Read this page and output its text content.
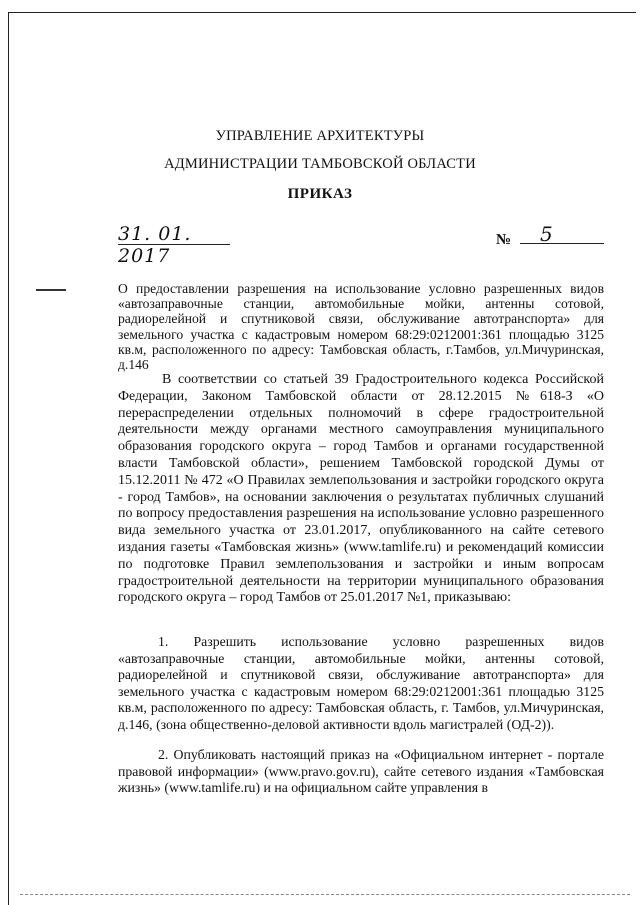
УПРАВЛЕНИЕ АРХИТЕКТУРЫ
АДМИНИСТРАЦИИ ТАМБОВСКОЙ ОБЛАСТИ
ПРИКАЗ
31. 01. 2017
№	5
О предоставлении разрешения на использование условно разрешенных видов «автозаправочные станции, автомобильные мойки, антенны сотовой, радиорелейной и спутниковой связи, обслуживание автотранспорта» для земельного участка с кадастровым номером 68:29:0212001:361 площадью 3125 кв.м, расположенного по адресу: Тамбовская область, г.Тамбов, ул.Мичуринская, д.146
В соответствии со статьей 39 Градостроительного кодекса Российской Федерации, Законом Тамбовской области от 28.12.2015 №618-З «О перераспределении отдельных полномочий в сфере градостроительной деятельности между органами местного самоуправления муниципального образования городского округа – город Тамбов и органами государственной власти Тамбовской области», решением Тамбовской городской Думы от 15.12.2011 № 472 «О Правилах землепользования и застройки городского округа - город Тамбов», на основании заключения о результатах публичных слушаний по вопросу предоставления разрешения на использование условно разрешенного вида земельного участка от 23.01.2017, опубликованного на сайте сетевого издания газеты «Тамбовская жизнь» (www.tamlife.ru) и рекомендаций комиссии по подготовке Правил землепользования и застройки и иным вопросам градостроительной деятельности на территории муниципального образования городского округа – город Тамбов от 25.01.2017 №1, приказываю:
1. Разрешить использование условно разрешенных видов «автозаправочные станции, автомобильные мойки, антенны сотовой, радиорелейной и спутниковой связи, обслуживание автотранспорта» для земельного участка с кадастровым номером 68:29:0212001:361 площадью 3125 кв.м, расположенного по адресу: Тамбовская область, г. Тамбов, ул.Мичуринская, д.146, (зона общественно-деловой активности вдоль магистралей (ОД-2)).
2. Опубликовать настоящий приказ на «Официальном интернет - портале правовой информации» (www.pravo.gov.ru), сайте сетевого издания «Тамбовская жизнь» (www.tamlife.ru) и на официальном сайте управления в
